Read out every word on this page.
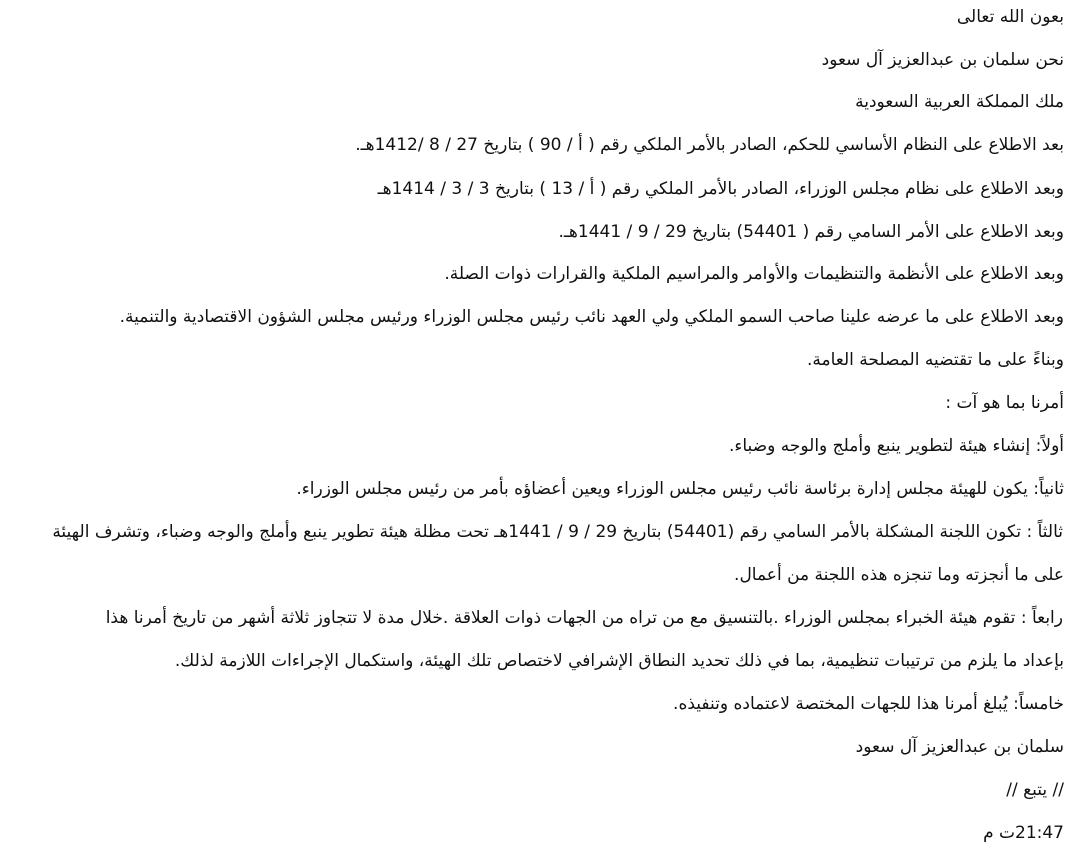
بعون الله تعالى
نحن سلمان بن عبدالعزيز آل سعود
ملك المملكة العربية السعودية
بعد الاطلاع على النظام الأساسي للحكم، الصادر بالأمر الملكي رقم ( أ / 90 ) بتاريخ 27 / 8 /1412هـ.
وبعد الاطلاع على نظام مجلس الوزراء، الصادر بالأمر الملكي رقم ( أ / 13 ) بتاريخ 3 / 3 / 1414هـ
وبعد الاطلاع على الأمر السامي رقم ( 54401) بتاريخ 29 / 9 / 1441هـ.
وبعد الاطلاع على الأنظمة والتنظيمات والأوامر والمراسيم الملكية والقرارات ذوات الصلة.
وبعد الاطلاع على ما عرضه علينا صاحب السمو الملكي ولي العهد نائب رئيس مجلس الوزراء ورئيس مجلس الشؤون الاقتصادية والتنمية.
وبناءً على ما تقتضيه المصلحة العامة.
أمرنا بما هو آت :
أولاً: إنشاء هيئة لتطوير ينبع وأملج والوجه وضباء.
ثانياً: يكون للهيئة مجلس إدارة برئاسة نائب رئيس مجلس الوزراء ويعين أعضاؤه بأمر من رئيس مجلس الوزراء.
ثالثاً : تكون اللجنة المشكلة بالأمر السامي رقم (54401) بتاريخ 29 / 9 / 1441هـ تحت مظلة هيئة تطوير ينبع وأملج والوجه وضباء، وتشرف الهيئة
على ما أنجزته وما تنجزه هذه اللجنة من أعمال.
رابعاً : تقوم هيئة الخبراء بمجلس الوزراء .بالتنسيق مع من تراه من الجهات ذوات العلاقة .خلال مدة لا تتجاوز ثلاثة أشهر من تاريخ أمرنا هذا
بإعداد ما يلزم من ترتيبات تنظيمية، بما في ذلك تحديد النطاق الإشرافي لاختصاص تلك الهيئة، واستكمال الإجراءات اللازمة لذلك.
خامساً: يُبلغ أمرنا هذا للجهات المختصة لاعتماده وتنفيذه.
سلمان بن عبدالعزيز آل سعود
// يتبع //
21:47ت م
